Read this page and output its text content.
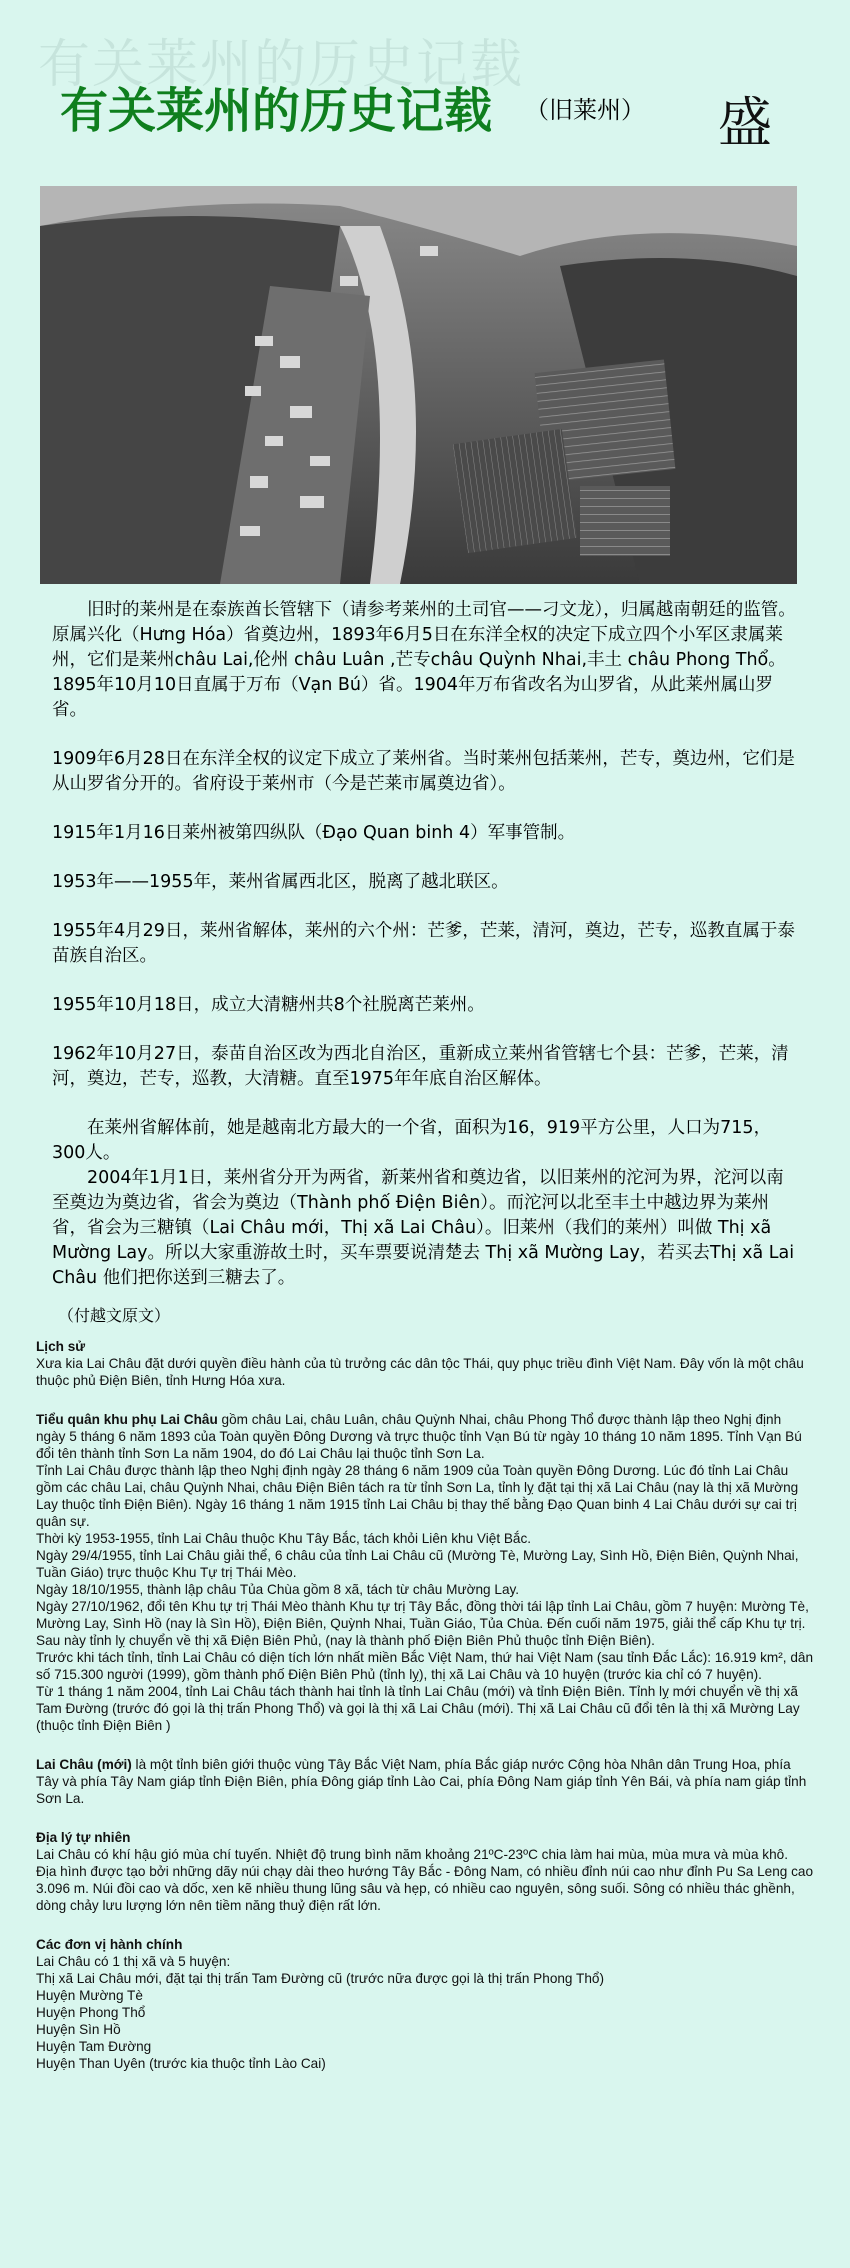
有关莱州的历史记载
有关莱州的历史记载 （旧莱州） 盛

旧时的莱州是在泰族酋长管辖下（请参考莱州的土司官——刁文龙），归属越南朝廷的监管。原属兴化（Hưng Hóa）省奠边州，1893年6月5日在东洋全权的决定下成立四个小军区隶属莱州，它们是莱州châu Lai,伦州 châu Luân ,芒专châu Quỳnh Nhai,丰土 châu Phong Thổ。1895年10月10日直属于万布（Vạn Bú）省。1904年万布省改名为山罗省，从此莱州属山罗省。

1909年6月28日在东洋全权的议定下成立了莱州省。当时莱州包括莱州，芒专，奠边州，它们是从山罗省分开的。省府设于莱州市（今是芒莱市属奠边省）。

1915年1月16日莱州被第四纵队（Đạo Quan binh 4）军事管制。

1953年——1955年，莱州省属西北区，脱离了越北联区。

1955年4月29日，莱州省解体，莱州的六个州：芒爹，芒莱，清河，奠边，芒专，巡教直属于泰苗族自治区。

1955年10月18日，成立大清糖州共8个社脱离芒莱州。

1962年10月27日，泰苗自治区改为西北自治区，重新成立莱州省管辖七个县：芒爹，芒莱，清河，奠边，芒专，巡教，大清糖。直至1975年年底自治区解体。

在莱州省解体前，她是越南北方最大的一个省，面积为16，919平方公里，人口为715，300人。

2004年1月1日，莱州省分开为两省，新莱州省和奠边省，以旧莱州的沱河为界，沱河以南至奠边为奠边省，省会为奠边（Thành phố Điện Biên）。而沱河以北至丰土中越边界为莱州省，省会为三糖镇（Lai Châu mới，Thị xã Lai Châu）。旧莱州（我们的莱州）叫做 Thị xã Mường Lay。所以大家重游故土时，买车票要说清楚去 Thị xã Mường Lay，若买去Thị xã Lai Châu 他们把你送到三糖去了。

（付越文原文）

Lịch sử

Xưa kia Lai Châu đặt dưới quyền điều hành của tù trưởng các dân tộc Thái, quy phục triều đình Việt Nam. Đây vốn là một châu thuộc phủ Điện Biên, tỉnh Hưng Hóa xưa.

Tiểu quân khu phụ Lai Châu gồm châu Lai, châu Luân, châu Quỳnh Nhai, châu Phong Thổ được thành lập theo Nghị định ngày 5 tháng 6 năm 1893 của Toàn quyền Đông Dương và trực thuộc tỉnh Vạn Bú từ ngày 10 tháng 10 năm 1895. Tỉnh Vạn Bú đổi tên thành tỉnh Sơn La năm 1904, do đó Lai Châu lại thuộc tỉnh Sơn La.

Tỉnh Lai Châu được thành lập theo Nghị định ngày 28 tháng 6 năm 1909 của Toàn quyền Đông Dương. Lúc đó tỉnh Lai Châu gồm các châu Lai, châu Quỳnh Nhai, châu Điện Biên tách ra từ tỉnh Sơn La, tỉnh lỵ đặt tại thị xã Lai Châu (nay là thị xã Mường Lay thuộc tỉnh Điện Biên). Ngày 16 tháng 1 năm 1915 tỉnh Lai Châu bị thay thế bằng Đạo Quan binh 4 Lai Châu dưới sự cai trị quân sự.

Thời kỳ 1953-1955, tỉnh Lai Châu thuộc Khu Tây Bắc, tách khỏi Liên khu Việt Bắc.

Ngày 29/4/1955, tỉnh Lai Châu giải thể, 6 châu của tỉnh Lai Châu cũ (Mường Tè, Mường Lay, Sình Hồ, Điện Biên, Quỳnh Nhai, Tuần Giáo) trực thuộc Khu Tự trị Thái Mèo.

Ngày 18/10/1955, thành lập châu Tủa Chùa gồm 8 xã, tách từ châu Mường Lay.

Ngày 27/10/1962, đổi tên Khu tự trị Thái Mèo thành Khu tự trị Tây Bắc, đồng thời tái lập tỉnh Lai Châu, gồm 7 huyện: Mường Tè, Mường Lay, Sình Hồ (nay là Sìn Hồ), Điện Biên, Quỳnh Nhai, Tuần Giáo, Tủa Chùa. Đến cuối năm 1975, giải thể cấp Khu tự trị.

Sau này tỉnh lỵ chuyển về thị xã Điện Biên Phủ, (nay là thành phố Điện Biên Phủ thuộc tỉnh Điện Biên).

Trước khi tách tỉnh, tỉnh Lai Châu có diện tích lớn nhất miền Bắc Việt Nam, thứ hai Việt Nam (sau tỉnh Đắc Lắc): 16.919 km², dân số 715.300 người (1999), gồm thành phố Điện Biên Phủ (tỉnh lỵ), thị xã Lai Châu và 10 huyện (trước kia chỉ có 7 huyện).

Từ 1 tháng 1 năm 2004, tỉnh Lai Châu tách thành hai tỉnh là tỉnh Lai Châu (mới) và tỉnh Điện Biên. Tỉnh lỵ mới chuyển về thị xã Tam Đường (trước đó gọi là thị trấn Phong Thổ) và gọi là thị xã Lai Châu (mới). Thị xã Lai Châu cũ đổi tên là thị xã Mường Lay (thuộc tỉnh Điện Biên )

Lai Châu (mới) là một tỉnh biên giới thuộc vùng Tây Bắc Việt Nam, phía Bắc giáp nước Cộng hòa Nhân dân Trung Hoa, phía Tây và phía Tây Nam giáp tỉnh Điện Biên, phía Đông giáp tỉnh Lào Cai, phía Đông Nam giáp tỉnh Yên Bái, và phía nam giáp tỉnh Sơn La.

Địa lý tự nhiên

Lai Châu có khí hậu gió mùa chí tuyến. Nhiệt độ trung bình năm khoảng 21ºC-23ºC chia làm hai mùa, mùa mưa và mùa khô.

Địa hình được tạo bởi những dãy núi chạy dài theo hướng Tây Bắc - Đông Nam, có nhiều đỉnh núi cao như đỉnh Pu Sa Leng cao 3.096 m. Núi đồi cao và dốc, xen kẽ nhiều thung lũng sâu và hẹp, có nhiều cao nguyên, sông suối. Sông có nhiều thác ghềnh, dòng chảy lưu lượng lớn nên tiềm năng thuỷ điện rất lớn.

Các đơn vị hành chính

Lai Châu có 1 thị xã và 5 huyện:

Thị xã Lai Châu mới, đặt tại thị trấn Tam Đường cũ (trước nữa được gọi là thị trấn Phong Thổ)

Huyện Mường Tè

Huyện Phong Thổ

Huyện Sìn Hồ

Huyện Tam Đường

Huyện Than Uyên (trước kia thuộc tỉnh Lào Cai)
